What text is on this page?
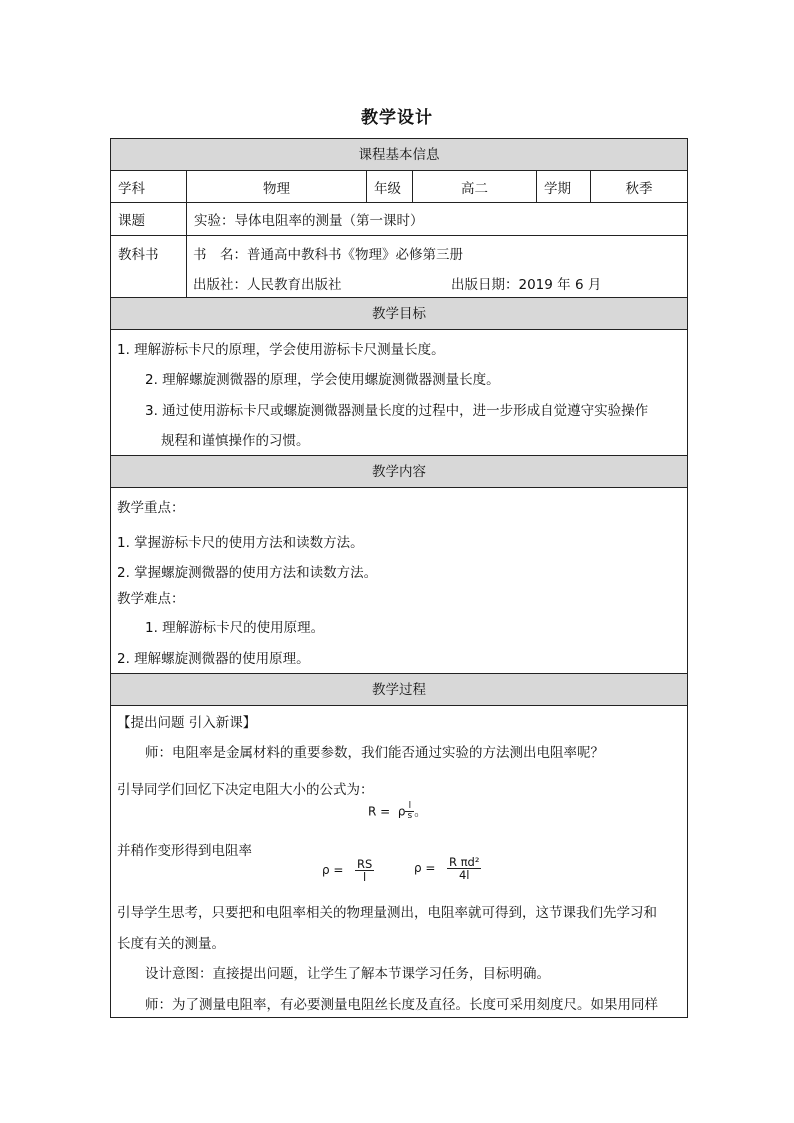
教学设计
课程基本信息
学科	物理	年级	高二	学期	秋季
课题	实验：导体电阻率的测量（第一课时）
教科书	书　名：普通高中教科书《物理》必修第三册
出版社：人民教育出版社	出版日期：2019 年 6 月
教学目标
1. 理解游标卡尺的原理，学会使用游标卡尺测量长度。
2. 理解螺旋测微器的原理，学会使用螺旋测微器测量长度。
3. 通过使用游标卡尺或螺旋测微器测量长度的过程中，进一步形成自觉遵守实验操作
规程和谨慎操作的习惯。
教学内容
教学重点：
1. 掌握游标卡尺的使用方法和读数方法。
2. 掌握螺旋测微器的使用方法和读数方法。
教学难点：
1. 理解游标卡尺的使用原理。
2. 理解螺旋测微器的使用原理。
教学过程
【提出问题 引入新课】
师：电阻率是金属材料的重要参数，我们能否通过实验的方法测出电阻率呢？
引导同学们回忆下决定电阻大小的公式为：
R = ρ $\frac{l}{s}$ 。
并稍作变形得到电阻率
$\rho = \frac{RS}{l}$	$\rho = \frac{\text{R πd²}}{4l}$
引导学生思考，只要把和电阻率相关的物理量测出，电阻率就可得到，这节课我们先学习和
长度有关的测量。
设计意图：直接提出问题，让学生了解本节课学习任务，目标明确。
师：为了测量电阻率，有必要测量电阻丝长度及直径。长度可采用刻度尺。如果用同样
